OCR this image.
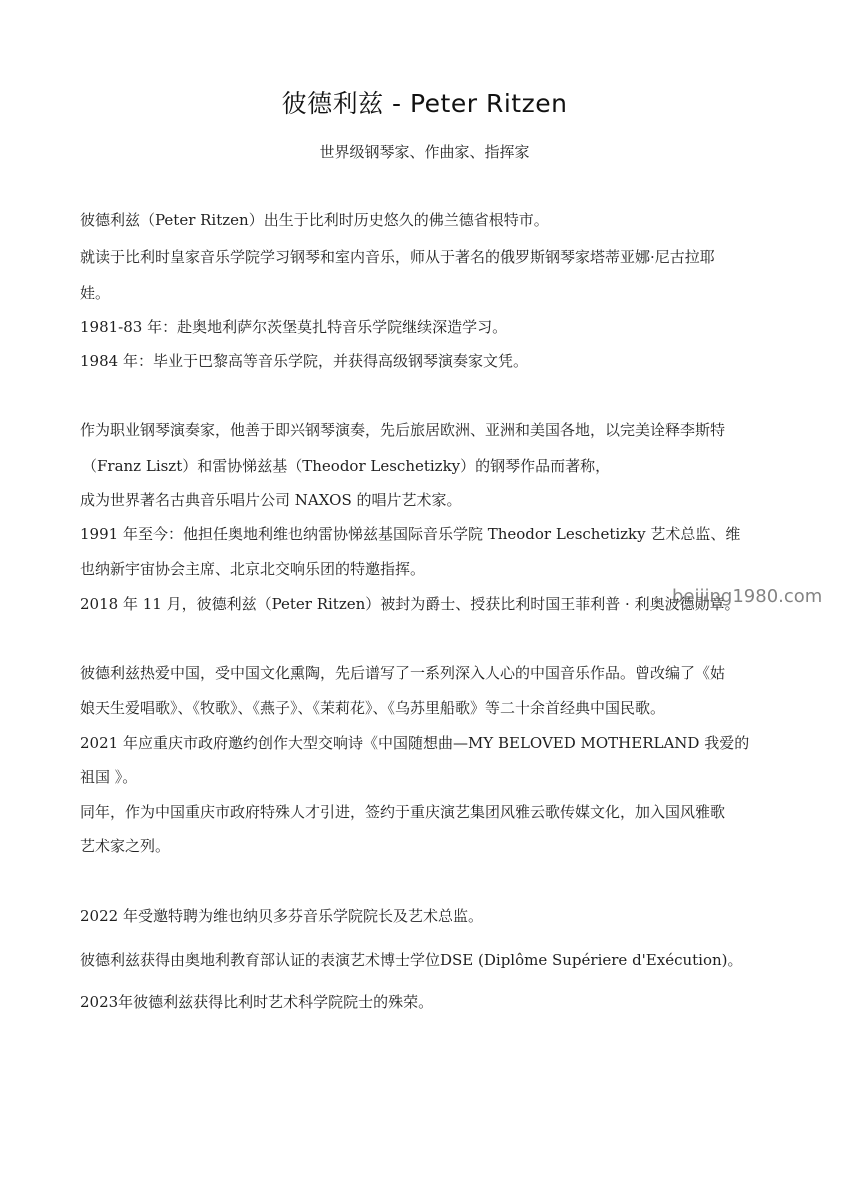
彼德利兹 - Peter Ritzen
世界级钢琴家、作曲家、指挥家
彼德利兹（Peter Ritzen）出生于比利时历史悠久的佛兰德省根特市。
就读于比利时皇家音乐学院学习钢琴和室内音乐，师从于著名的俄罗斯钢琴家塔蒂亚娜·尼古拉耶
娃。
1981-83 年：赴奥地利萨尔茨堡莫扎特音乐学院继续深造学习。
1984 年：毕业于巴黎高等音乐学院，并获得高级钢琴演奏家文凭。
作为职业钢琴演奏家，他善于即兴钢琴演奏，先后旅居欧洲、亚洲和美国各地，以完美诠释李斯特
（Franz Liszt）和雷协悌兹基（Theodor Leschetizky）的钢琴作品而著称，
成为世界著名古典音乐唱片公司 NAXOS 的唱片艺术家。
1991 年至今：他担任奥地利维也纳雷协悌兹基国际音乐学院 Theodor Leschetizky 艺术总监、维
也纳新宇宙协会主席、北京北交响乐团的特邀指挥。
2018 年 11 月，彼德利兹（Peter Ritzen）被封为爵士、授获比利时国王菲利普 · 利奥波德勋章。
彼德利兹热爱中国，受中国文化熏陶，先后谱写了一系列深入人心的中国音乐作品。曾改编了《姑
娘天生爱唱歌》、《牧歌》、《燕子》、《茉莉花》、《乌苏里船歌》等二十余首经典中国民歌。
2021 年应重庆市政府邀约创作大型交响诗《中国随想曲—MY BELOVED MOTHERLAND 我爱的
祖国 》。
同年，作为中国重庆市政府特殊人才引进，签约于重庆演艺集团风雅云歌传媒文化，加入国风雅歌
艺术家之列。
2022 年受邀特聘为维也纳贝多芬音乐学院院长及艺术总监。
彼德利兹获得由奥地利教育部认证的表演艺术博士学位DSE (Diplôme Supériere d'Exécution)。
2023年彼德利兹获得比利时艺术科学院院士的殊荣。
beijing1980.com
